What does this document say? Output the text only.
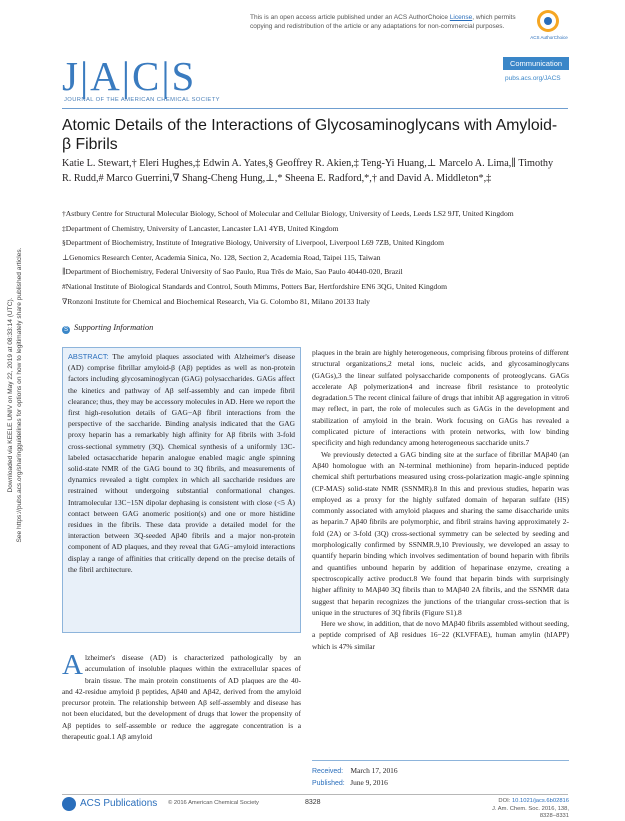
Downloaded via KEELE UNIV on May 22, 2019 at 08:33:14 (UTC). See https://pubs.acs.org/sharingguidelines for options on how to legitimately share published articles.
This is an open access article published under an ACS AuthorChoice License, which permits copying and redistribution of the article or any adaptations for non-commercial purposes.
ACS AuthorChoice
Communication
J|A|C|S
JOURNAL OF THE AMERICAN CHEMICAL SOCIETY
pubs.acs.org/JACS
Atomic Details of the Interactions of Glycosaminoglycans with Amyloid-β Fibrils
Katie L. Stewart,† Eleri Hughes,‡ Edwin A. Yates,§ Geoffrey R. Akien,‡ Teng-Yi Huang,⊥ Marcelo A. Lima,∥ Timothy R. Rudd,# Marco Guerrini,∇ Shang-Cheng Hung,⊥,* Sheena E. Radford,*,† and David A. Middleton*,‡
†Astbury Centre for Structural Molecular Biology, School of Molecular and Cellular Biology, University of Leeds, Leeds LS2 9JT, United Kingdom
‡Department of Chemistry, University of Lancaster, Lancaster LA1 4YB, United Kingdom
§Department of Biochemistry, Institute of Integrative Biology, University of Liverpool, Liverpool L69 7ZB, United Kingdom
⊥Genomics Research Center, Academia Sinica, No. 128, Section 2, Academia Road, Taipei 115, Taiwan
∥Department of Biochemistry, Federal University of Sao Paulo, Rua Três de Maio, Sao Paulo 40440-020, Brazil
#National Institute of Biological Standards and Control, South Mimms, Potters Bar, Hertfordshire EN6 3QG, United Kingdom
∇Ronzoni Institute for Chemical and Biochemical Research, Via G. Colombo 81, Milano 20133 Italy
S Supporting Information
ABSTRACT: The amyloid plaques associated with Alzheimer's disease (AD) comprise fibrillar amyloid-β (Aβ) peptides as well as non-protein factors including glycosaminoglycan (GAG) polysaccharides. GAGs affect the kinetics and pathway of Aβ self-assembly and can impede fibril clearance; thus, they may be accessory molecules in AD. Here we report the first high-resolution details of GAG−Aβ fibril interactions from the perspective of the saccharide. Binding analysis indicated that the GAG proxy heparin has a remarkably high affinity for Aβ fibrils with 3-fold cross-sectional symmetry (3Q). Chemical synthesis of a uniformly 13C-labeled octasaccharide heparin analogue enabled magic angle spinning solid-state NMR of the GAG bound to 3Q fibrils, and measurements of dynamics revealed a tight complex in which all saccharide residues are restrained without undergoing substantial conformational changes. Intramolecular 13C−15N dipolar dephasing is consistent with close (<5 Å) contact between GAG anomeric position(s) and one or more histidine residues in the fibrils. These data provide a detailed model for the interaction between 3Q-seeded Aβ40 fibrils and a major non-protein component of AD plaques, and they reveal that GAG−amyloid interactions display a range of affinities that critically depend on the precise details of the fibril architecture.
Alzheimer's disease (AD) is characterized pathologically by an accumulation of insoluble plaques within the extracellular spaces of brain tissue. The main protein constituents of AD plaques are the 40- and 42-residue amyloid β peptides, Aβ40 and Aβ42, derived from the amyloid precursor protein. The relationship between Aβ self-assembly and disease has not been elucidated, but the development of drugs that lower the propensity of Aβ peptides to self-assemble or reduce the aggregate concentration is a therapeutic goal.1 Aβ amyloid

plaques in the brain are highly heterogeneous, comprising fibrous proteins of different structural organizations,2 metal ions, nucleic acids, and glycosaminoglycans (GAGs),3 the linear sulfated polysaccharide components of proteoglycans. GAGs accelerate Aβ polymerization4 and increase fibril resistance to proteolytic degradation.5 The recent clinical failure of drugs that inhibit Aβ aggregation in vitro6 may reflect, in part, the role of molecules such as GAGs in the development and stabilization of amyloid in the brain. Work focusing on GAGs has revealed a complicated picture of interactions with protein networks, with low binding specificity and high redundancy among heterogeneous saccharide units.7

We previously detected a GAG binding site at the surface of fibrillar MAβ40 (an Aβ40 homologue with an N-terminal methionine) from heparin-induced peptide chemical shift perturbations measured using cross-polarization magic-angle spinning (CP-MAS) solid-state NMR (SSNMR).8 In this and previous studies, heparin was employed as a proxy for the highly sulfated domain of heparan sulfate (HS) commonly associated with amyloid plaques and sharing the same disaccharide units as heparin.7 Aβ40 fibrils are polymorphic, and fibril strains having approximately 2-fold (2A) or 3-fold (3Q) cross-sectional symmetry can be selected by seeding and morphologically confirmed by SSNMR.9,10 Previously, we developed an assay to quantify heparin binding which involves sedimentation of bound heparin with fibrils and quantifies unbound heparin by addition of heparinase enzyme, creating a spectroscopically active product.8 We found that heparin binds with surprisingly higher affinity to MAβ40 3Q fibrils than to MAβ40 2A fibrils, and the SSNMR data suggest that heparin recognizes the junctions of the triangular cross-section that is unique in the structures of 3Q fibrils (Figure S1).8

Here we show, in addition, that de novo MAβ40 fibrils assembled without seeding, a peptide comprised of Aβ residues 16−22 (KLVFFAE), human amylin (hIAPP) which is 47% similar

Received: March 17, 2016
Published: June 9, 2016
ACS Publications © 2016 American Chemical Society	8328	DOI: 10.1021/jacs.6b02816
J. Am. Chem. Soc. 2016, 138, 8328−8331
